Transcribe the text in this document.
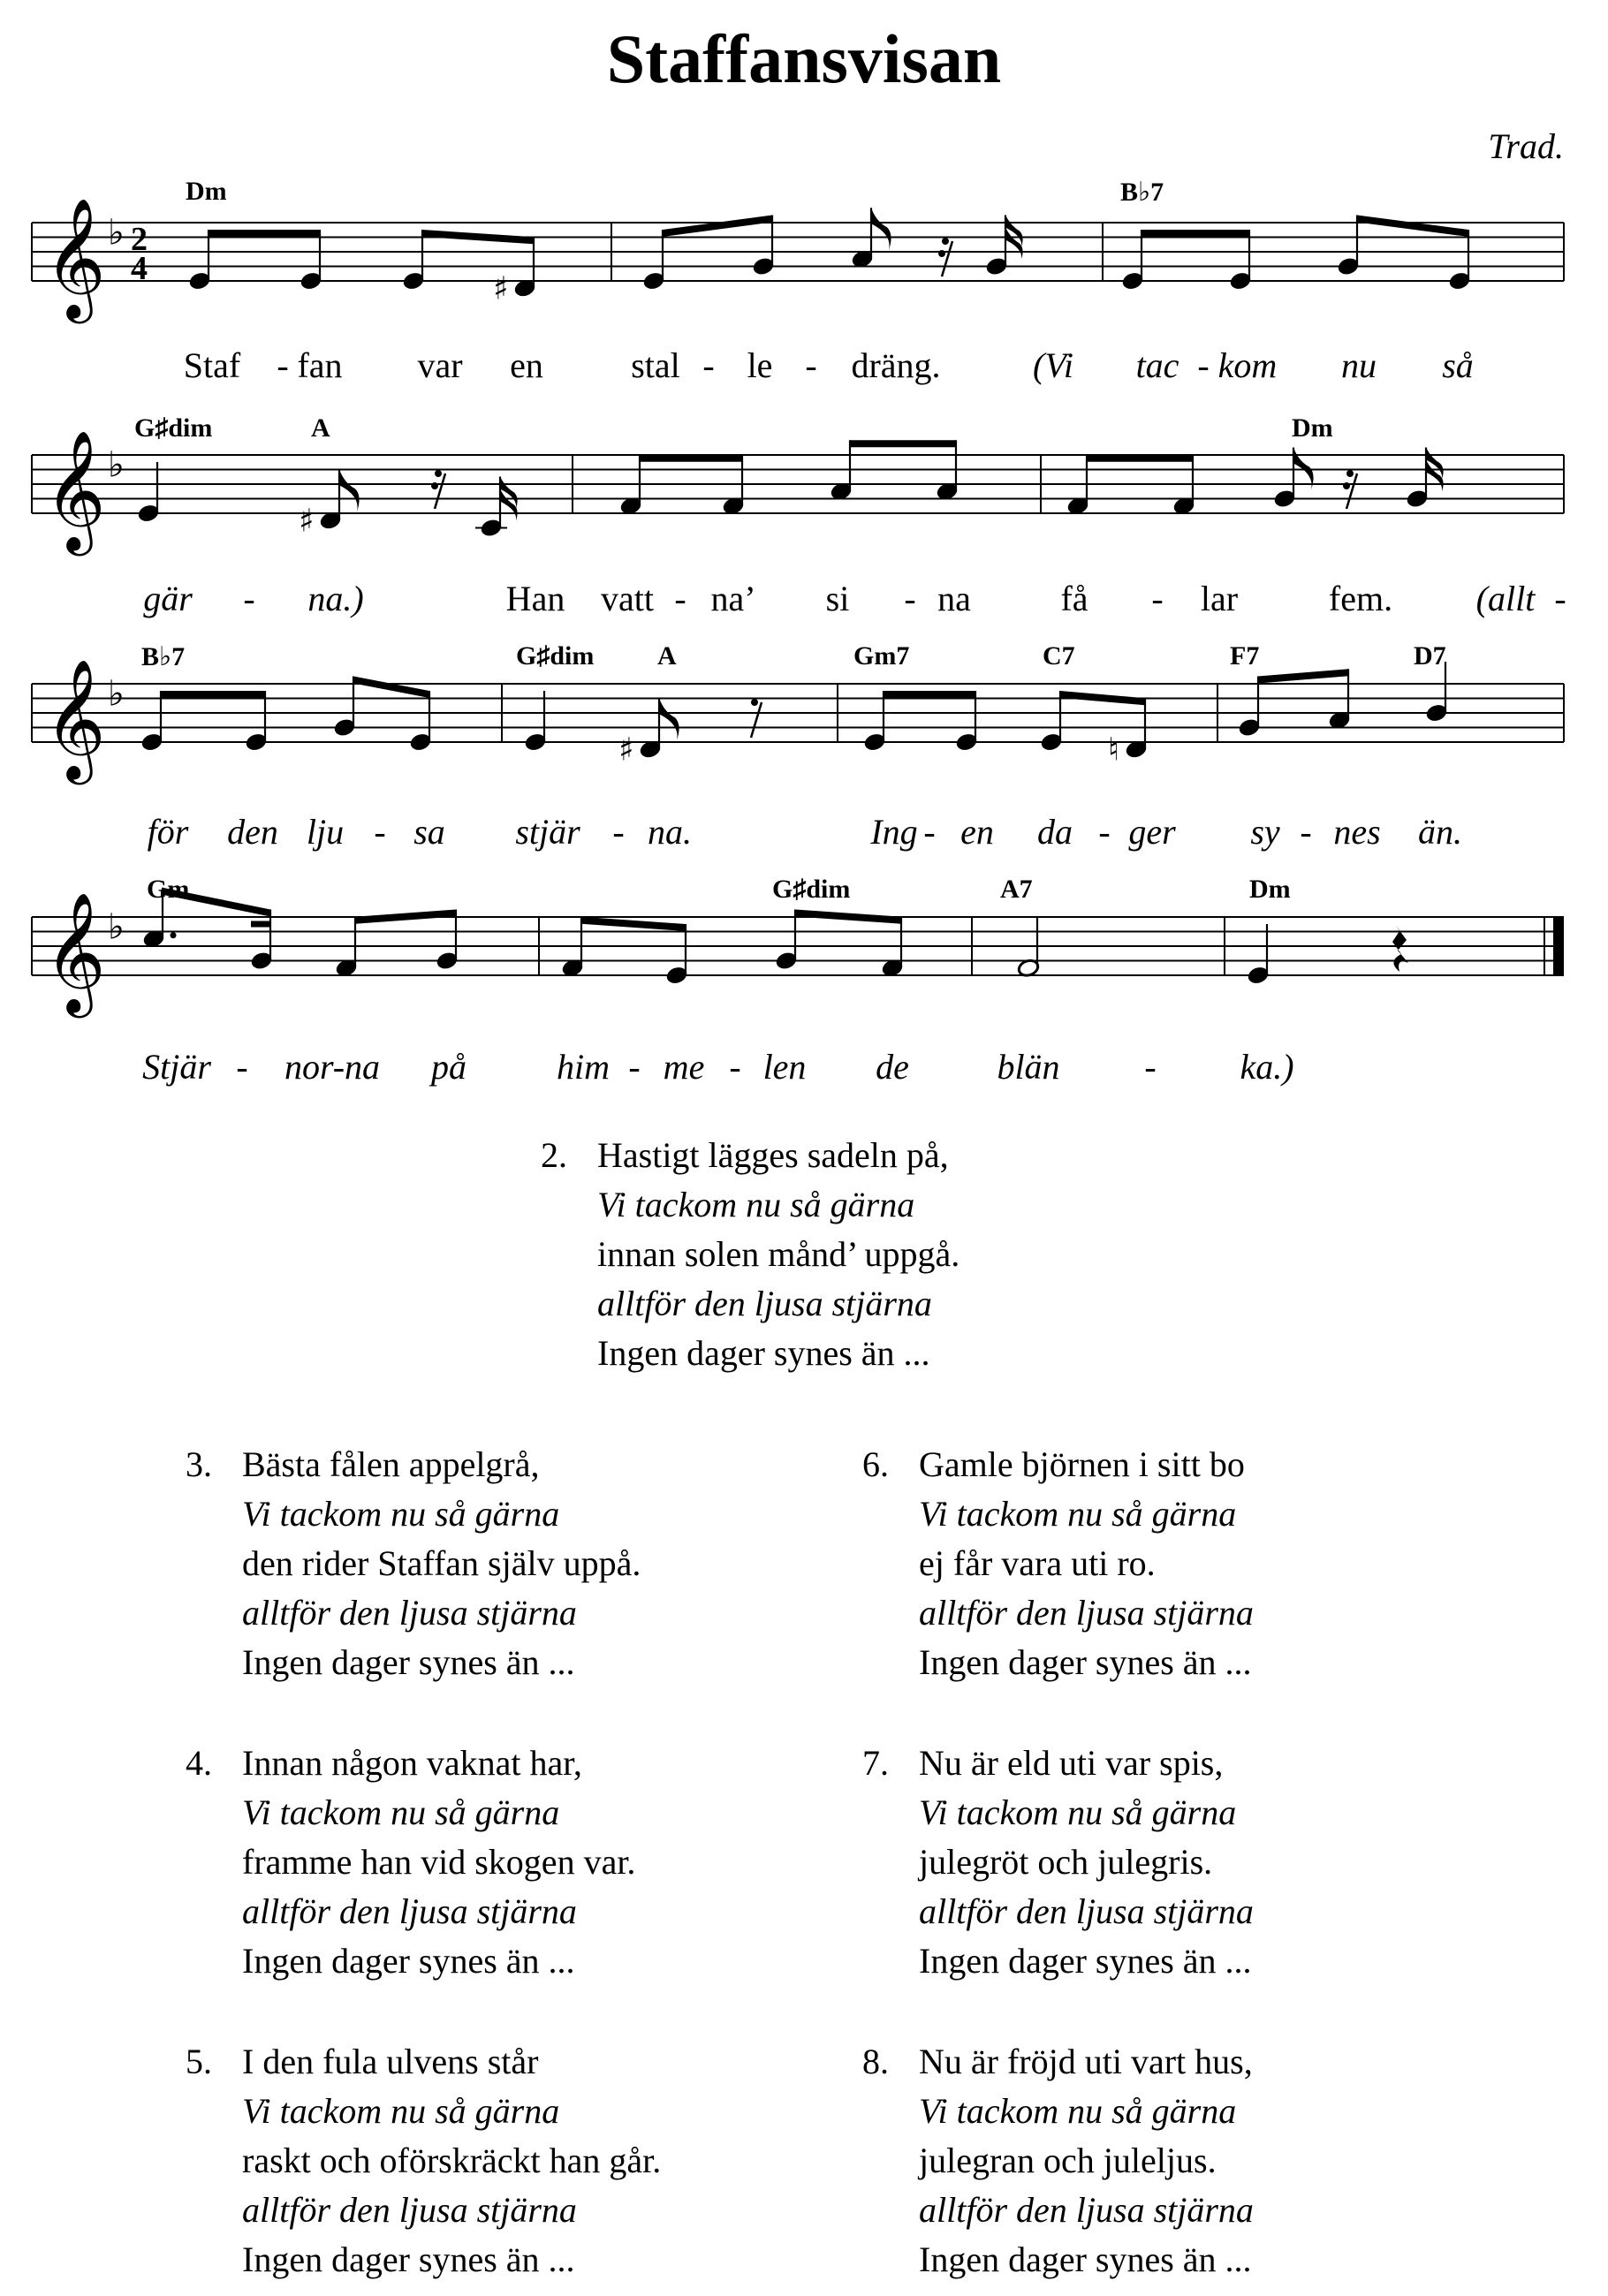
Staffansvisan
Trad.
𝄞 ♭ 2
4
♯
Dm	B♭7
Staf - fan var en stal - le - dräng.	(Vi tac - kom nu så
𝄞 ♭
♯
G♯dim	A	Dm
gär - na.)	Han vatt - na’ si - na	få - lar	fem. (allt -
𝄞 ♭
♯	♮
B♭7	G♯dim A	Gm7	C7	F7	D7
för den lju - sa stjär - na.	Ing - en da - ger sy - nes än.
𝄞 ♭
Gm	G♯dim	A7	Dm
Stjär - nor-na på	him - me - len de blän - ka.)
2. Hastigt lägges sadeln på,
Vi tackom nu så gärna
innan solen månd’ uppgå.
alltför den ljusa stjärna
Ingen dager synes än ...
3. Bästa fålen appelgrå,
Vi tackom nu så gärna
den rider Staffan själv uppå.
alltför den ljusa stjärna
Ingen dager synes än ...
4. Innan någon vaknat har,
Vi tackom nu så gärna
framme han vid skogen var.
alltför den ljusa stjärna
Ingen dager synes än ...
5. I den fula ulvens står
Vi tackom nu så gärna
raskt och oförskräckt han går.
alltför den ljusa stjärna
Ingen dager synes än ...
6. Gamle björnen i sitt bo
Vi tackom nu så gärna
ej får vara uti ro.
alltför den ljusa stjärna
Ingen dager synes än ...
7. Nu är eld uti var spis,
Vi tackom nu så gärna
julegröt och julegris.
alltför den ljusa stjärna
Ingen dager synes än ...
8. Nu är fröjd uti vart hus,
Vi tackom nu så gärna
julegran och juleljus.
alltför den ljusa stjärna
Ingen dager synes än ...
